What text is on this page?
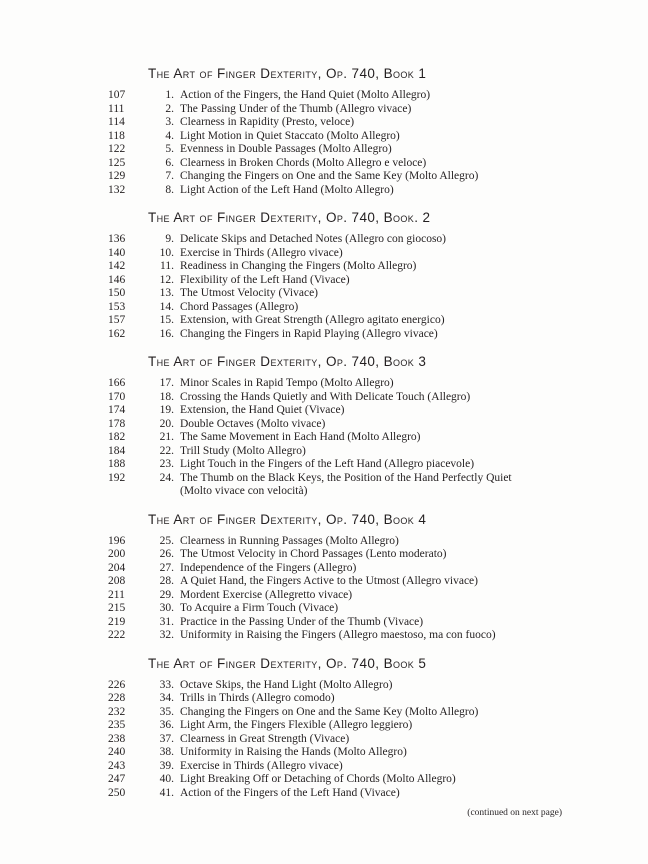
The Art of Finger Dexterity, Op. 740, Book 1
107	1. Action of the Fingers, the Hand Quiet (Molto Allegro)
111	2. The Passing Under of the Thumb (Allegro vivace)
114	3. Clearness in Rapidity (Presto, veloce)
118	4. Light Motion in Quiet Staccato (Molto Allegro)
122	5. Evenness in Double Passages (Molto Allegro)
125	6. Clearness in Broken Chords (Molto Allegro e veloce)
129	7. Changing the Fingers on One and the Same Key (Molto Allegro)
132	8. Light Action of the Left Hand (Molto Allegro)
The Art of Finger Dexterity, Op. 740, Book. 2
136	9. Delicate Skips and Detached Notes (Allegro con giocoso)
140	10. Exercise in Thirds (Allegro vivace)
142	11. Readiness in Changing the Fingers (Molto Allegro)
146	12. Flexibility of the Left Hand (Vivace)
150	13. The Utmost Velocity (Vivace)
153	14. Chord Passages (Allegro)
157	15. Extension, with Great Strength (Allegro agitato energico)
162	16. Changing the Fingers in Rapid Playing (Allegro vivace)
The Art of Finger Dexterity, Op. 740, Book 3
166	17. Minor Scales in Rapid Tempo (Molto Allegro)
170	18. Crossing the Hands Quietly and With Delicate Touch (Allegro)
174	19. Extension, the Hand Quiet (Vivace)
178	20. Double Octaves (Molto vivace)
182	21. The Same Movement in Each Hand (Molto Allegro)
184	22. Trill Study (Molto Allegro)
188	23. Light Touch in the Fingers of the Left Hand (Allegro piacevole)
192	24. The Thumb on the Black Keys, the Position of the Hand Perfectly Quiet
(Molto vivace con velocità)
The Art of Finger Dexterity, Op. 740, Book 4
196	25. Clearness in Running Passages (Molto Allegro)
200	26. The Utmost Velocity in Chord Passages (Lento moderato)
204	27. Independence of the Fingers (Allegro)
208	28. A Quiet Hand, the Fingers Active to the Utmost (Allegro vivace)
211	29. Mordent Exercise (Allegretto vivace)
215	30. To Acquire a Firm Touch (Vivace)
219	31. Practice in the Passing Under of the Thumb (Vivace)
222	32. Uniformity in Raising the Fingers (Allegro maestoso, ma con fuoco)
The Art of Finger Dexterity, Op. 740, Book 5
226	33. Octave Skips, the Hand Light (Molto Allegro)
228	34. Trills in Thirds (Allegro comodo)
232	35. Changing the Fingers on One and the Same Key (Molto Allegro)
235	36. Light Arm, the Fingers Flexible (Allegro leggiero)
238	37. Clearness in Great Strength (Vivace)
240	38. Uniformity in Raising the Hands (Molto Allegro)
243	39. Exercise in Thirds (Allegro vivace)
247	40. Light Breaking Off or Detaching of Chords (Molto Allegro)
250	41. Action of the Fingers of the Left Hand (Vivace)
(continued on next page)
